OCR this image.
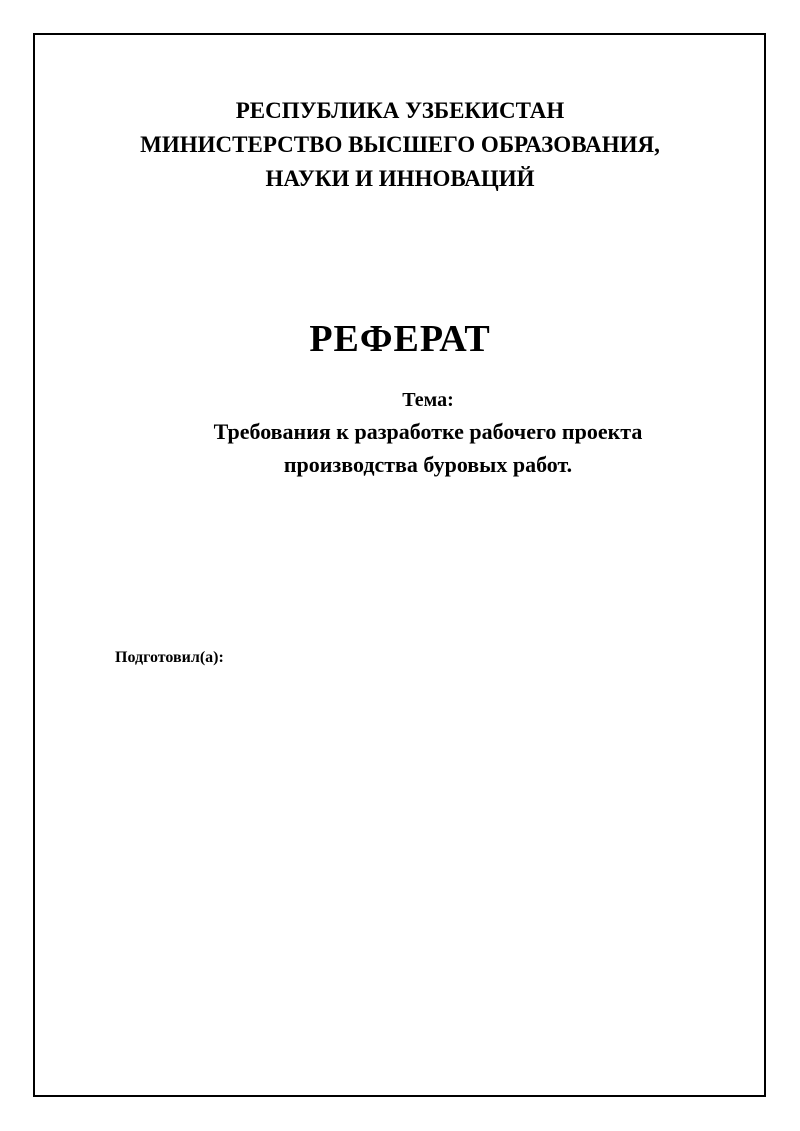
РЕСПУБЛИКА УЗБЕКИСТАН
МИНИСТЕРСТВО ВЫСШЕГО ОБРАЗОВАНИЯ,
НАУКИ И ИННОВАЦИЙ
РЕФЕРАТ
Тема:
Требования к разработке рабочего проекта
производства буровых работ.
Подготовил(а):
